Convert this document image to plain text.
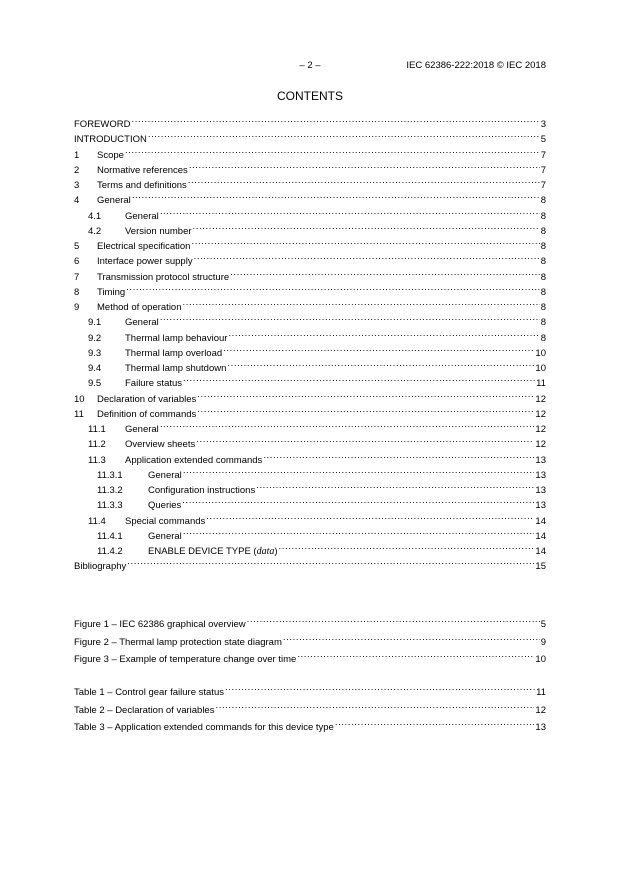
– 2 –	IEC 62386-222:2018 © IEC 2018
CONTENTS
FOREWORD .....	3
INTRODUCTION .....	5
1	Scope .....	7
2	Normative references .....	7
3	Terms and definitions .....	7
4	General .....	8
4.1	General .....	8
4.2	Version number .....	8
5	Electrical specification .....	8
6	Interface power supply .....	8
7	Transmission protocol structure .....	8
8	Timing .....	8
9	Method of operation .....	8
9.1	General .....	8
9.2	Thermal lamp behaviour .....	8
9.3	Thermal lamp overload .....	10
9.4	Thermal lamp shutdown .....	10
9.5	Failure status .....	11
10	Declaration of variables .....	12
11	Definition of commands .....	12
11.1	General .....	12
11.2	Overview sheets .....	12
11.3	Application extended commands .....	13
11.3.1	General .....	13
11.3.2	Configuration instructions .....	13
11.3.3	Queries .....	13
11.4	Special commands .....	14
11.4.1	General .....	14
11.4.2	ENABLE DEVICE TYPE (data) .....	14
Bibliography .....	15
Figure 1 – IEC 62386 graphical overview .....	5
Figure 2 – Thermal lamp protection state diagram .....	9
Figure 3 – Example of temperature change over time .....	10
Table 1 – Control gear failure status .....	11
Table 2 – Declaration of variables .....	12
Table 3 – Application extended commands for this device type .....	13
